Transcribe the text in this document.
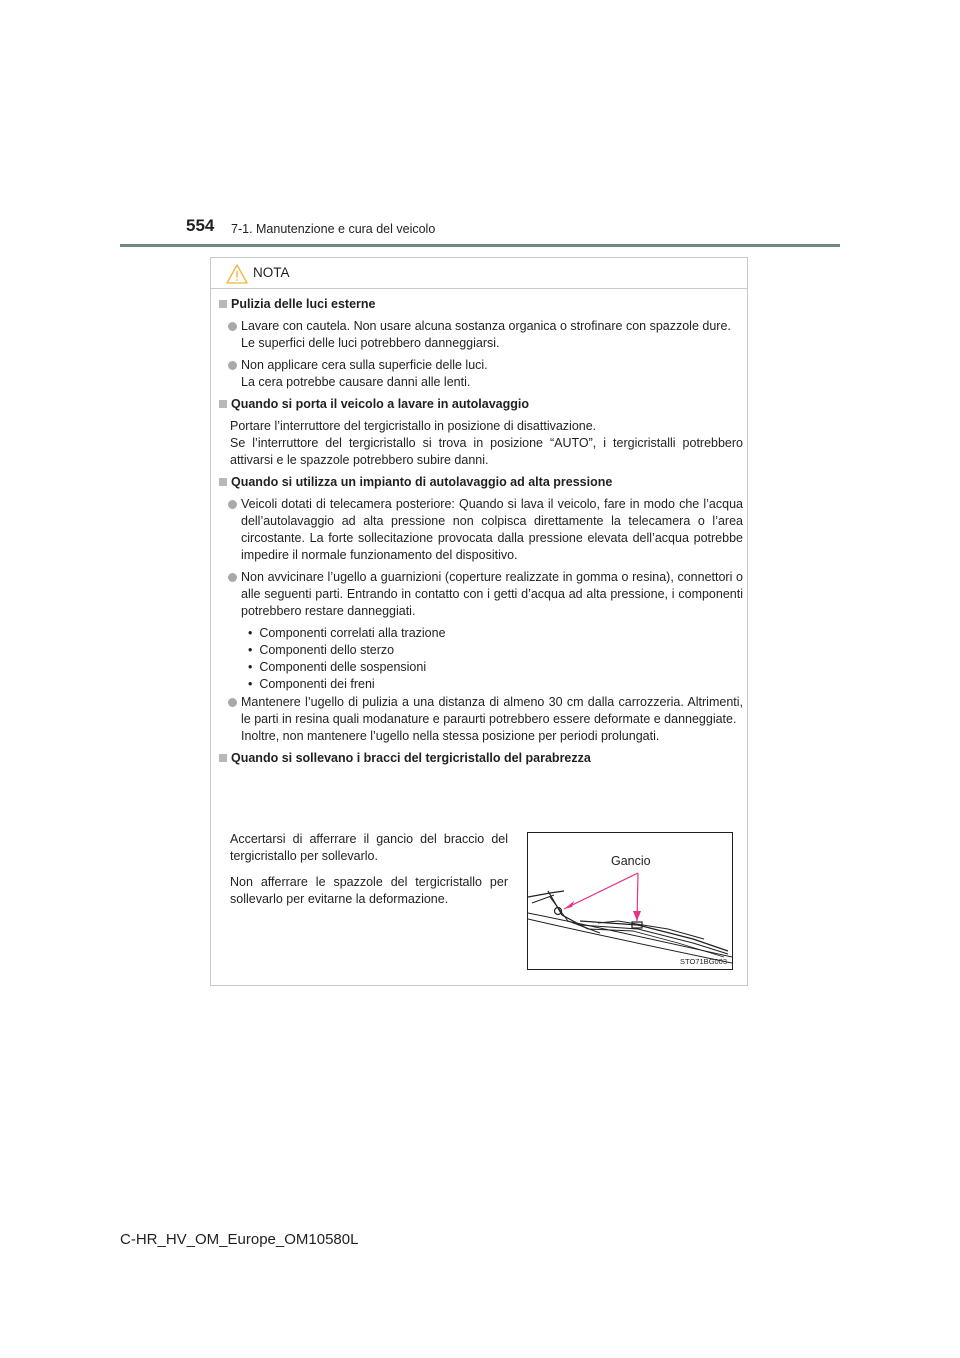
554 7-1. Manutenzione e cura del veicolo
NOTA
Pulizia delle luci esterne
Lavare con cautela. Non usare alcuna sostanza organica o strofinare con spazzole dure.
Le superfici delle luci potrebbero danneggiarsi.
Non applicare cera sulla superficie delle luci.
La cera potrebbe causare danni alle lenti.
Quando si porta il veicolo a lavare in autolavaggio
Portare l’interruttore del tergicristallo in posizione di disattivazione.
Se l’interruttore del tergicristallo si trova in posizione “AUTO”, i tergicristalli potrebbero attivarsi e le spazzole potrebbero subire danni.
Quando si utilizza un impianto di autolavaggio ad alta pressione
Veicoli dotati di telecamera posteriore: Quando si lava il veicolo, fare in modo che l’acqua dell’autolavaggio ad alta pressione non colpisca direttamente la telecamera o l’area circostante. La forte sollecitazione provocata dalla pressione elevata dell’acqua potrebbe impedire il normale funzionamento del dispositivo.
Non avvicinare l’ugello a guarnizioni (coperture realizzate in gomma o resina), connettori o alle seguenti parti. Entrando in contatto con i getti d’acqua ad alta pressione, i componenti potrebbero restare danneggiati.
•  Componenti correlati alla trazione
•  Componenti dello sterzo
•  Componenti delle sospensioni
•  Componenti dei freni
Mantenere l’ugello di pulizia a una distanza di almeno 30 cm dalla carrozzeria. Altrimenti, le parti in resina quali modanature e paraurti potrebbero essere deformate e danneggiate.
Inoltre, non mantenere l’ugello nella stessa posizione per periodi prolungati.
Quando si sollevano i bracci del tergicristallo del parabrezza
Accertarsi di afferrare il gancio del braccio del tergicristallo per sollevarlo.
Non afferrare le spazzole del tergicristallo per sollevarlo per evitarne la deformazione.
Gancio
STO71BG003
C-HR_HV_OM_Europe_OM10580L
